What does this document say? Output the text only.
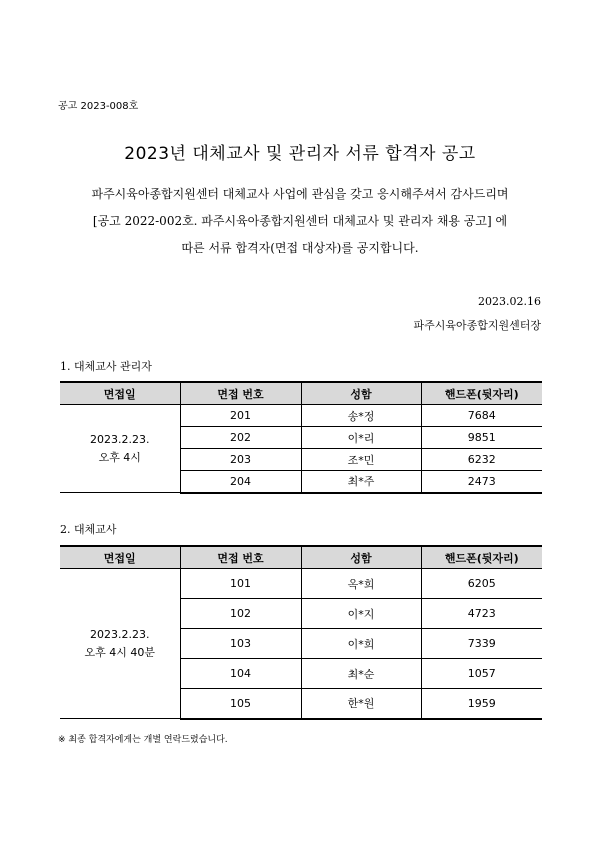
공고 2023-008호
2023년 대체교사 및 관리자 서류 합격자 공고
파주시육아종합지원센터 대체교사 사업에 관심을 갖고 응시해주셔서 감사드리며
[공고 2022-002호. 파주시육아종합지원센터 대체교사 및 관리자 채용 공고] 에
따른 서류 합격자(면접 대상자)를 공지합니다.
2023.02.16
파주시육아종합지원센터장
1. 대체교사 관리자
면접일	면접 번호	성함	핸드폰(뒷자리)

2023.2.23.
오후 4시	201	송*정	7684
	202	이*리	9851
	203	조*민	6232
	204	최*주	2473
2. 대체교사
면접일	면접 번호	성함	핸드폰(뒷자리)

2023.2.23.
오후 4시 40분	101	옥*희	6205
	102	이*지	4723
	103	이*희	7339
	104	최*순	1057
	105	한*원	1959
※ 최종 합격자에게는 개별 연락드렸습니다.
